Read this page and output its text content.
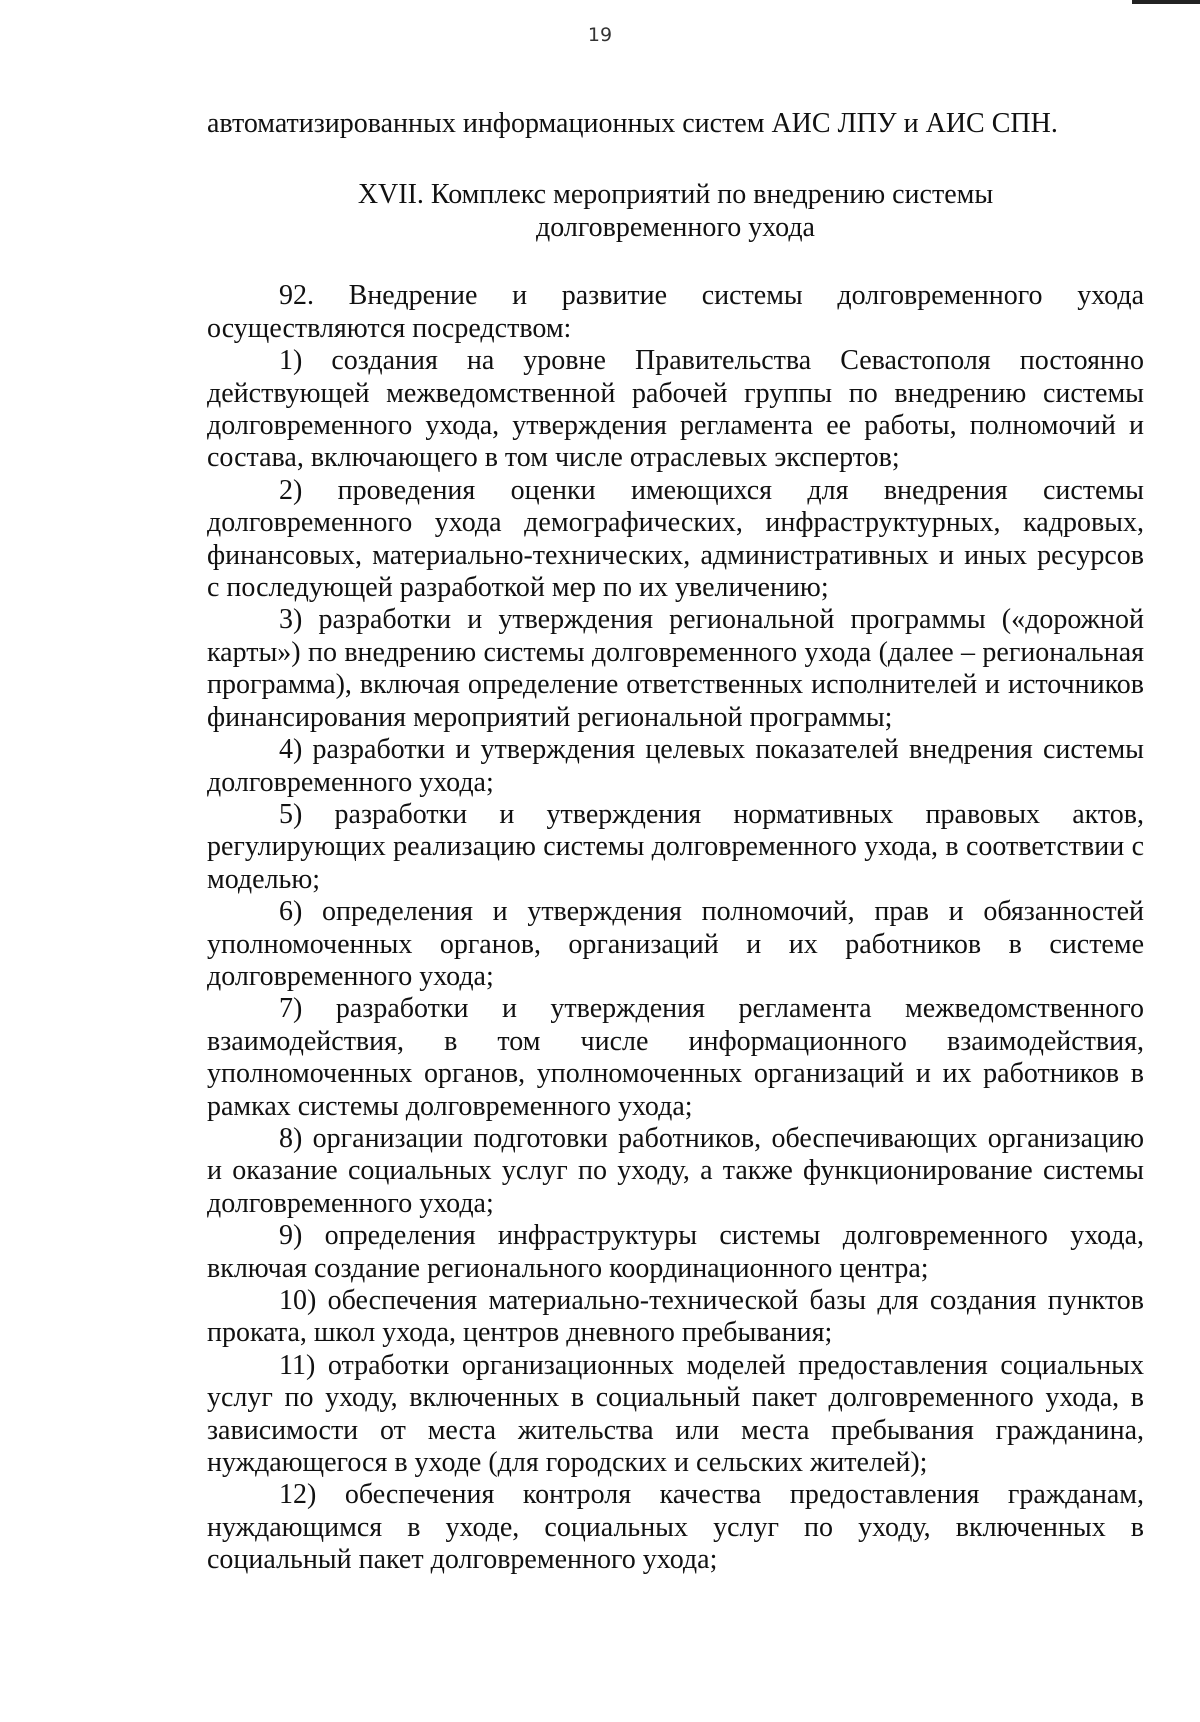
19

автоматизированных информационных систем АИС ЛПУ и АИС СПН.

XVII. Комплекс мероприятий по внедрению системы
долговременного ухода

92. Внедрение и развитие системы долговременного ухода осуществляются посредством:

1) создания на уровне Правительства Севастополя постоянно действующей межведомственной рабочей группы по внедрению системы долговременного ухода, утверждения регламента ее работы, полномочий и состава, включающего в том числе отраслевых экспертов;

2) проведения оценки имеющихся для внедрения системы долговременного ухода демографических, инфраструктурных, кадровых, финансовых, материально-технических, административных и иных ресурсов с последующей разработкой мер по их увеличению;

3) разработки и утверждения региональной программы («дорожной карты») по внедрению системы долговременного ухода (далее – региональная программа), включая определение ответственных исполнителей и источников финансирования мероприятий региональной программы;

4) разработки и утверждения целевых показателей внедрения системы долговременного ухода;

5) разработки и утверждения нормативных правовых актов, регулирующих реализацию системы долговременного ухода, в соответствии с моделью;

6) определения и утверждения полномочий, прав и обязанностей уполномоченных органов, организаций и их работников в системе долговременного ухода;

7) разработки и утверждения регламента межведомственного взаимодействия, в том числе информационного взаимодействия, уполномоченных органов, уполномоченных организаций и их работников в рамках системы долговременного ухода;

8) организации подготовки работников, обеспечивающих организацию и оказание социальных услуг по уходу, а также функционирование системы долговременного ухода;

9) определения инфраструктуры системы долговременного ухода, включая создание регионального координационного центра;

10) обеспечения материально-технической базы для создания пунктов проката, школ ухода, центров дневного пребывания;

11) отработки организационных моделей предоставления социальных услуг по уходу, включенных в социальный пакет долговременного ухода, в зависимости от места жительства или места пребывания гражданина, нуждающегося в уходе (для городских и сельских жителей);

12) обеспечения контроля качества предоставления гражданам, нуждающимся в уходе, социальных услуг по уходу, включенных в социальный пакет долговременного ухода;
